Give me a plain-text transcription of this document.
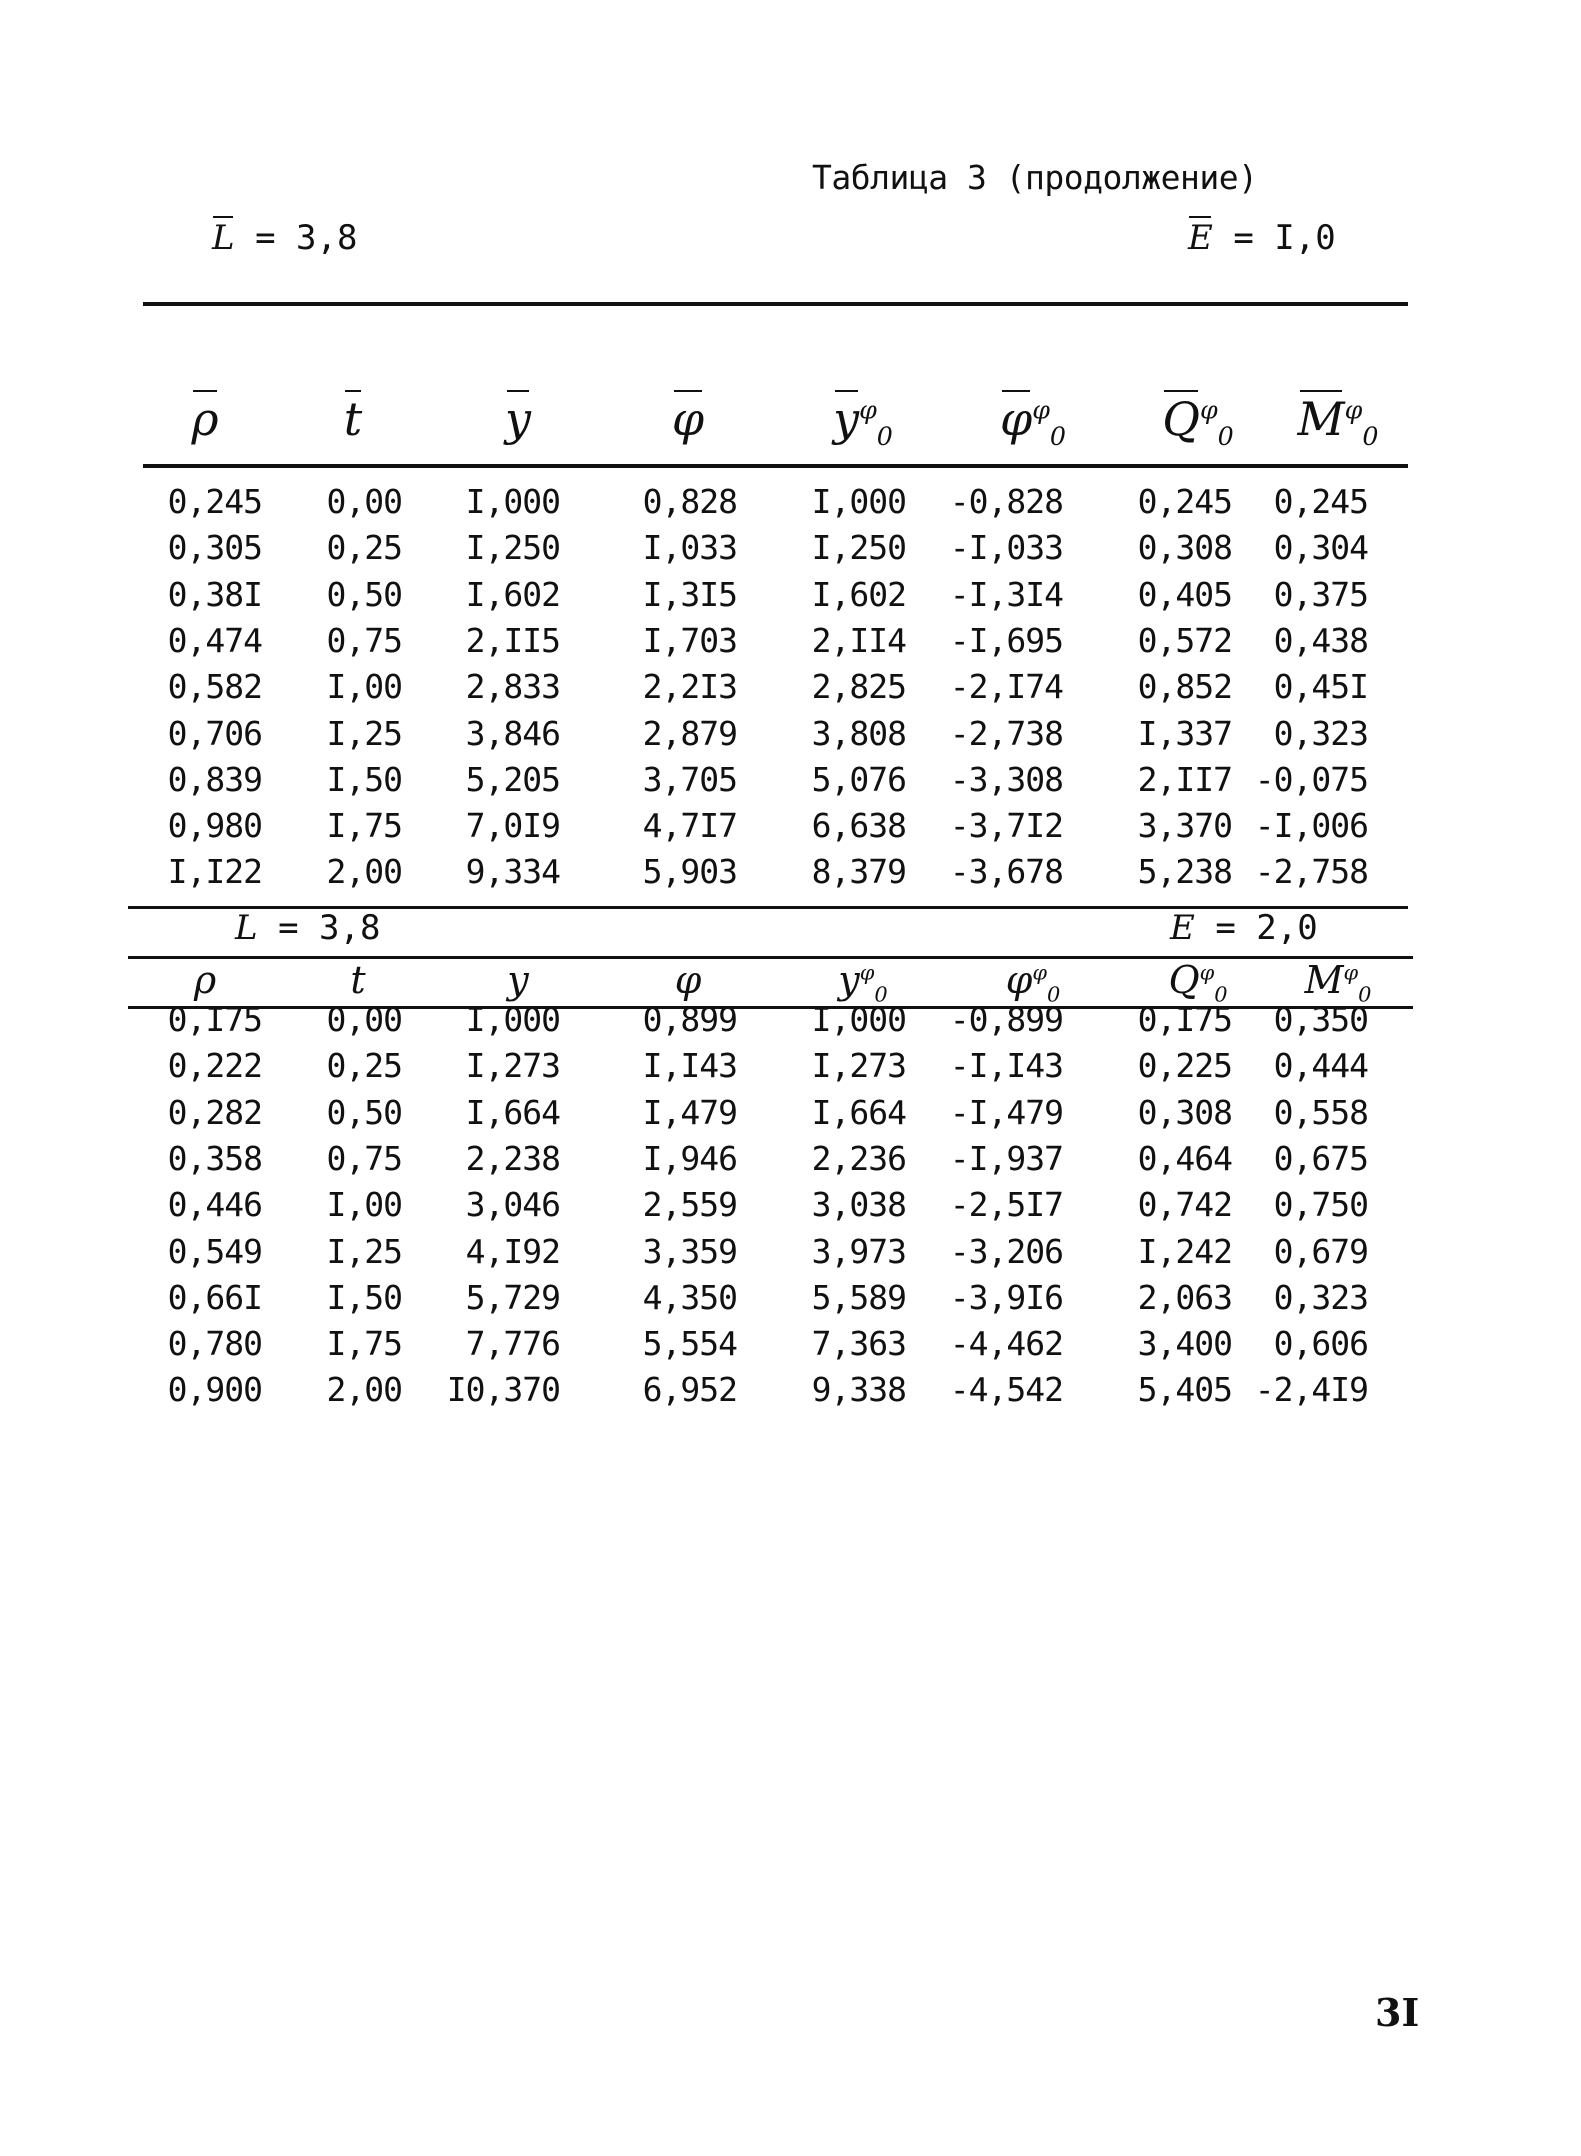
Таблица 3 (продолжение)
L = 3,8	E = I,0
ρ	t	y	φ	$y^\varphi_0$	$\varphi^\varphi_0$	$Q^\varphi_0$	$M^\varphi_0$
0,245	0,00	I,000	0,828	I,000	-0,828	0,245	0,245
0,305	0,25	I,250	I,033	I,250	-I,033	0,308	0,304
0,38I	0,50	I,602	I,3I5	I,602	-I,3I4	0,405	0,375
0,474	0,75	2,II5	I,703	2,II4	-I,695	0,572	0,438
0,582	I,00	2,833	2,2I3	2,825	-2,I74	0,852	0,45I
0,706	I,25	3,846	2,879	3,808	-2,738	I,337	0,323
0,839	I,50	5,205	3,705	5,076	-3,308	2,II7 -0,075
0,980	I,75	7,0I9	4,7I7	6,638	-3,7I2	3,370 -I,006
I,I22	2,00	9,334	5,903	8,379	-3,678	5,238 -2,758
L = 3,8	E = 2,0
ρ	t	y	φ	$y^\varphi_0$	$\varphi^\varphi_0$	$Q^\varphi_0$	$M^\varphi_0$
0,I75	0,00	I,000	0,899	I,000	-0,899	0,I75	0,350
0,222	0,25	I,273	I,I43	I,273	-I,I43	0,225	0,444
0,282	0,50	I,664	I,479	I,664	-I,479	0,308	0,558
0,358	0,75	2,238	I,946	2,236	-I,937	0,464	0,675
0,446	I,00	3,046	2,559	3,038	-2,5I7	0,742	0,750
0,549	I,25	4,I92	3,359	3,973	-3,206	I,242	0,679
0,66I	I,50	5,729	4,350	5,589	-3,9I6	2,063	0,323
0,780	I,75	7,776	5,554	7,363	-4,462	3,400	0,606
0,900	2,00	I0,370	6,952	9,338	-4,542	5,405 -2,4I9
3I
